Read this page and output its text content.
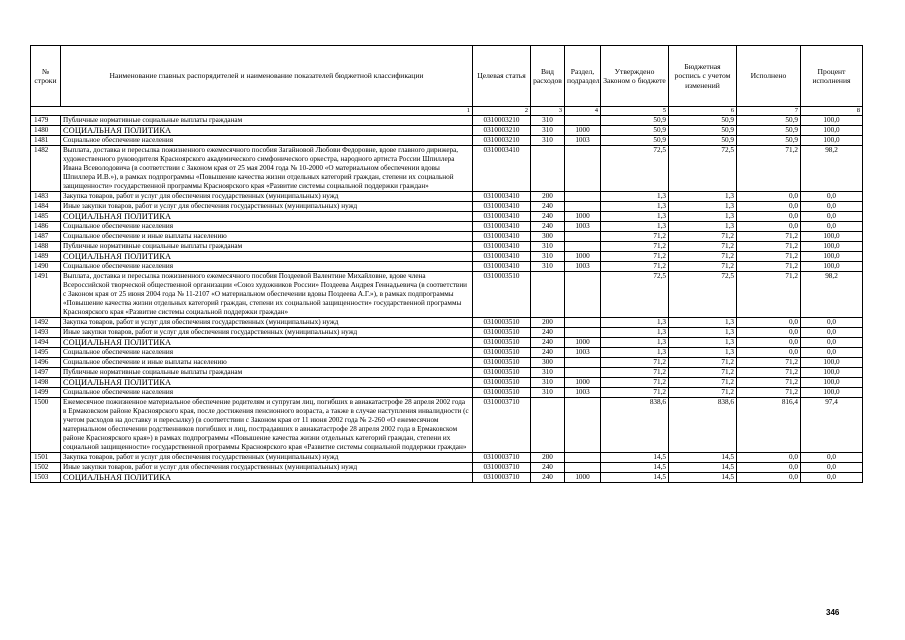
№ строки	Наименование главных распорядителей и наименование показателей бюджетной классификации	Целевая статья	Вид расходов	Раздел, подраздел	Утверждено Законом о бюджете	Бюджетная роспись с учетом изменений	Исполнено	Процент исполнения
1		2	3	4	5	6	7	8
1479	Публичные нормативные социальные выплаты гражданам	0310003210	310		50,9	50,9	50,9	100,0
1480	СОЦИАЛЬНАЯ ПОЛИТИКА	0310003210	310	1000	50,9	50,9	50,9	100,0
1481	Социальное обеспечение населения	0310003210	310	1003	50,9	50,9	50,9	100,0
1482	Выплата, доставка и пересылка пожизненного ежемесячного пособия Загайновой Любови Федоровне, вдове главного дирижера, художественного руководителя Красноярского академического симфонического оркестра, народного артиста России Шпиллера Ивана Всеволодовича (в соответствии с Законом края от 25 мая 2004 года № 10-2000 «О материальном обеспечении вдовы Шпиллера И.В.»), в рамках подпрограммы «Повышение качества жизни отдельных категорий граждан, степени их социальной защищенности» государственной программы Красноярского края «Развитие системы социальной поддержки граждан»	0310003410			72,5	72,5	71,2	98,2
1483	Закупка товаров, работ и услуг для обеспечения государственных (муниципальных) нужд	0310003410	200		1,3	1,3	0,0	0,0
1484	Иные закупки товаров, работ и услуг для обеспечения государственных (муниципальных) нужд	0310003410	240		1,3	1,3	0,0	0,0
1485	СОЦИАЛЬНАЯ ПОЛИТИКА	0310003410	240	1000	1,3	1,3	0,0	0,0
1486	Социальное обеспечение населения	0310003410	240	1003	1,3	1,3	0,0	0,0
1487	Социальное обеспечение и иные выплаты населению	0310003410	300		71,2	71,2	71,2	100,0
1488	Публичные нормативные социальные выплаты гражданам	0310003410	310		71,2	71,2	71,2	100,0
1489	СОЦИАЛЬНАЯ ПОЛИТИКА	0310003410	310	1000	71,2	71,2	71,2	100,0
1490	Социальное обеспечение населения	0310003410	310	1003	71,2	71,2	71,2	100,0
1491	Выплата, доставка и пересылка пожизненного ежемесячного пособия Поздеевой Валентине Михайловне, вдове члена Всероссийской творческой общественной организации «Союз художников России» Поздеева Андрея Геннадьевича (в соответствии с Законом края от 25 июня 2004 года № 11-2107 «О материальном обеспечении вдовы Поздеева А.Г.»), в рамках подпрограммы «Повышение качества жизни отдельных категорий граждан, степени их социальной защищенности» государственной программы Красноярского края «Развитие системы социальной поддержки граждан»	0310003510			72,5	72,5	71,2	98,2
1492	Закупка товаров, работ и услуг для обеспечения государственных (муниципальных) нужд	0310003510	200		1,3	1,3	0,0	0,0
1493	Иные закупки товаров, работ и услуг для обеспечения государственных (муниципальных) нужд	0310003510	240		1,3	1,3	0,0	0,0
1494	СОЦИАЛЬНАЯ ПОЛИТИКА	0310003510	240	1000	1,3	1,3	0,0	0,0
1495	Социальное обеспечение населения	0310003510	240	1003	1,3	1,3	0,0	0,0
1496	Социальное обеспечение и иные выплаты населению	0310003510	300		71,2	71,2	71,2	100,0
1497	Публичные нормативные социальные выплаты гражданам	0310003510	310		71,2	71,2	71,2	100,0
1498	СОЦИАЛЬНАЯ ПОЛИТИКА	0310003510	310	1000	71,2	71,2	71,2	100,0
1499	Социальное обеспечение населения	0310003510	310	1003	71,2	71,2	71,2	100,0
1500	Ежемесячное пожизненное материальное обеспечение родителям и супругам лиц, погибших в авиакатастрофе 28 апреля 2002 года в Ермаковском районе Красноярского края, после достижения пенсионного возраста, а также в случае наступления инвалидности (с учетом расходов на доставку и пересылку) (в соответствии с Законом края от 11 июня 2002 года № 2-260 «О ежемесячном материальном обеспечении родственников погибших и лиц, пострадавших в авиакатастрофе 28 апреля 2002 года в Ермаковском районе Красноярского края») в рамках подпрограммы «Повышение качества жизни отдельных категорий граждан, степени их социальной защищенности» государственной программы Красноярского края «Развитие системы социальной поддержки граждан»	0310003710			838,6	838,6	816,4	97,4
1501	Закупка товаров, работ и услуг для обеспечения государственных (муниципальных) нужд	0310003710	200		14,5	14,5	0,0	0,0
1502	Иные закупки товаров, работ и услуг для обеспечения государственных (муниципальных) нужд	0310003710	240		14,5	14,5	0,0	0,0
1503	СОЦИАЛЬНАЯ ПОЛИТИКА	0310003710	240	1000	14,5	14,5	0,0	0,0
346
